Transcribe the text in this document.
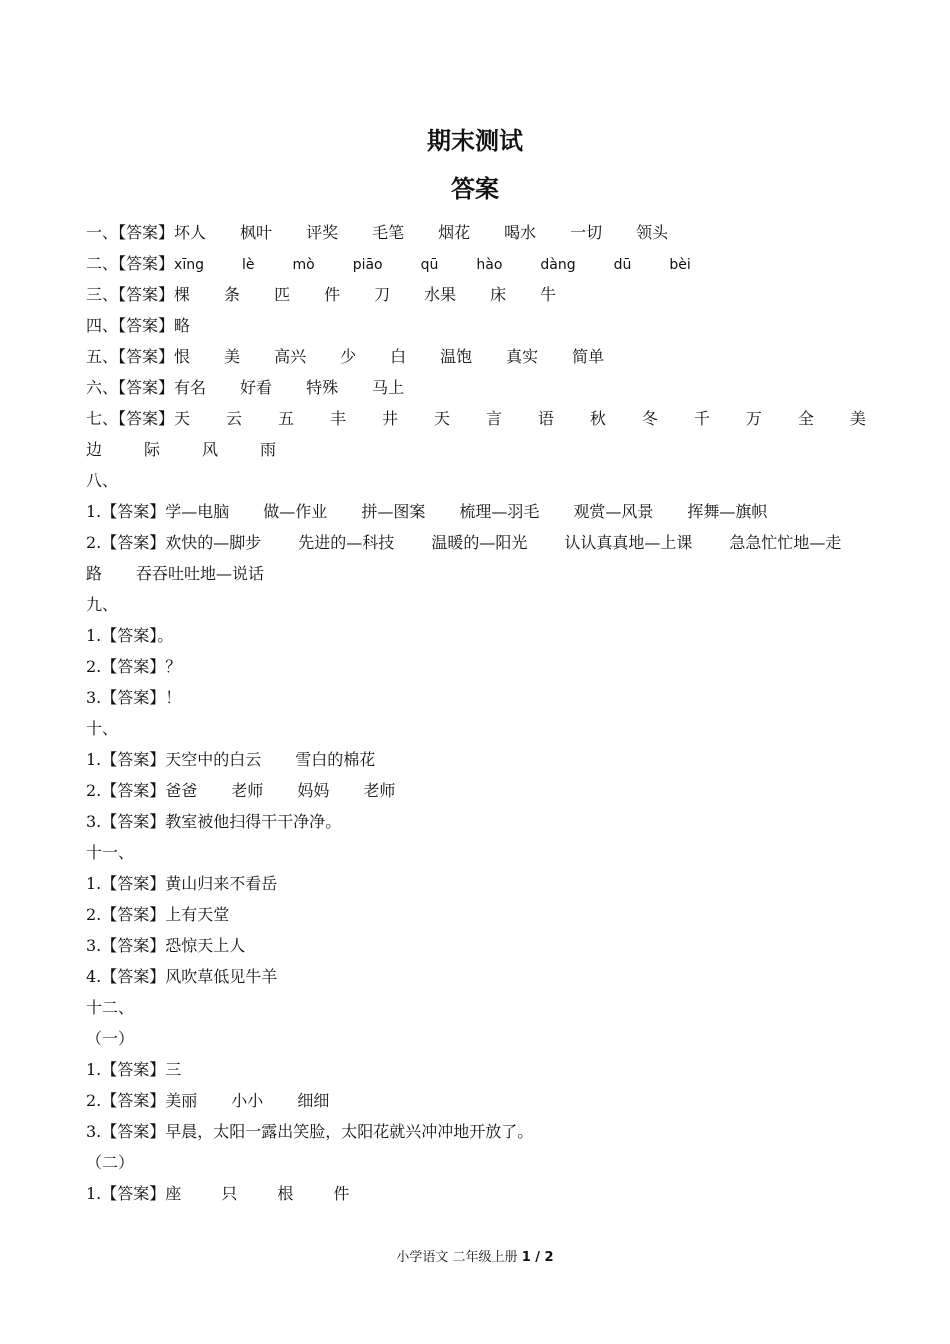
期末测试
答案
一、【答案】坏人 枫叶 评奖 毛笔 烟花 喝水 一切 领头
二、【答案】xīng	lè	mò	piāo	qū	hào	dàng	dū	bèi
三、【答案】棵 条 匹 件 刀 水果 床 牛
四、【答案】略
五、【答案】恨 美 高兴 少 白 温饱 真实 简单
六、【答案】有名 好看 特殊 马上
七、【答案】天 云 五 丰 井 天 言 语 秋 冬 千 万 全 美
边	际	风	雨
八、
1.【答案】学—电脑 做—作业 拼—图案 梳理—羽毛 观赏—风景 挥舞—旗帜
2.【答案】欢快的—脚步 先进的—科技 温暖的—阳光 认认真真地—上课 急急忙忙地—走
路 吞吞吐吐地—说话
九、
1.【答案】。
2.【答案】？
3.【答案】！
十、
1.【答案】天空中的白云 雪白的棉花
2.【答案】爸爸 老师 妈妈 老师
3.【答案】教室被他扫得干干净净。
十一、
1.【答案】黄山归来不看岳
2.【答案】上有天堂
3.【答案】恐惊天上人
4.【答案】风吹草低见牛羊
十二、
（一）
1.【答案】三
2.【答案】美丽 小小 细细
3.【答案】早晨，太阳一露出笑脸，太阳花就兴冲冲地开放了。
（二）
1.【答案】座	只	根	件
小学语文 二年级上册 1 / 2
